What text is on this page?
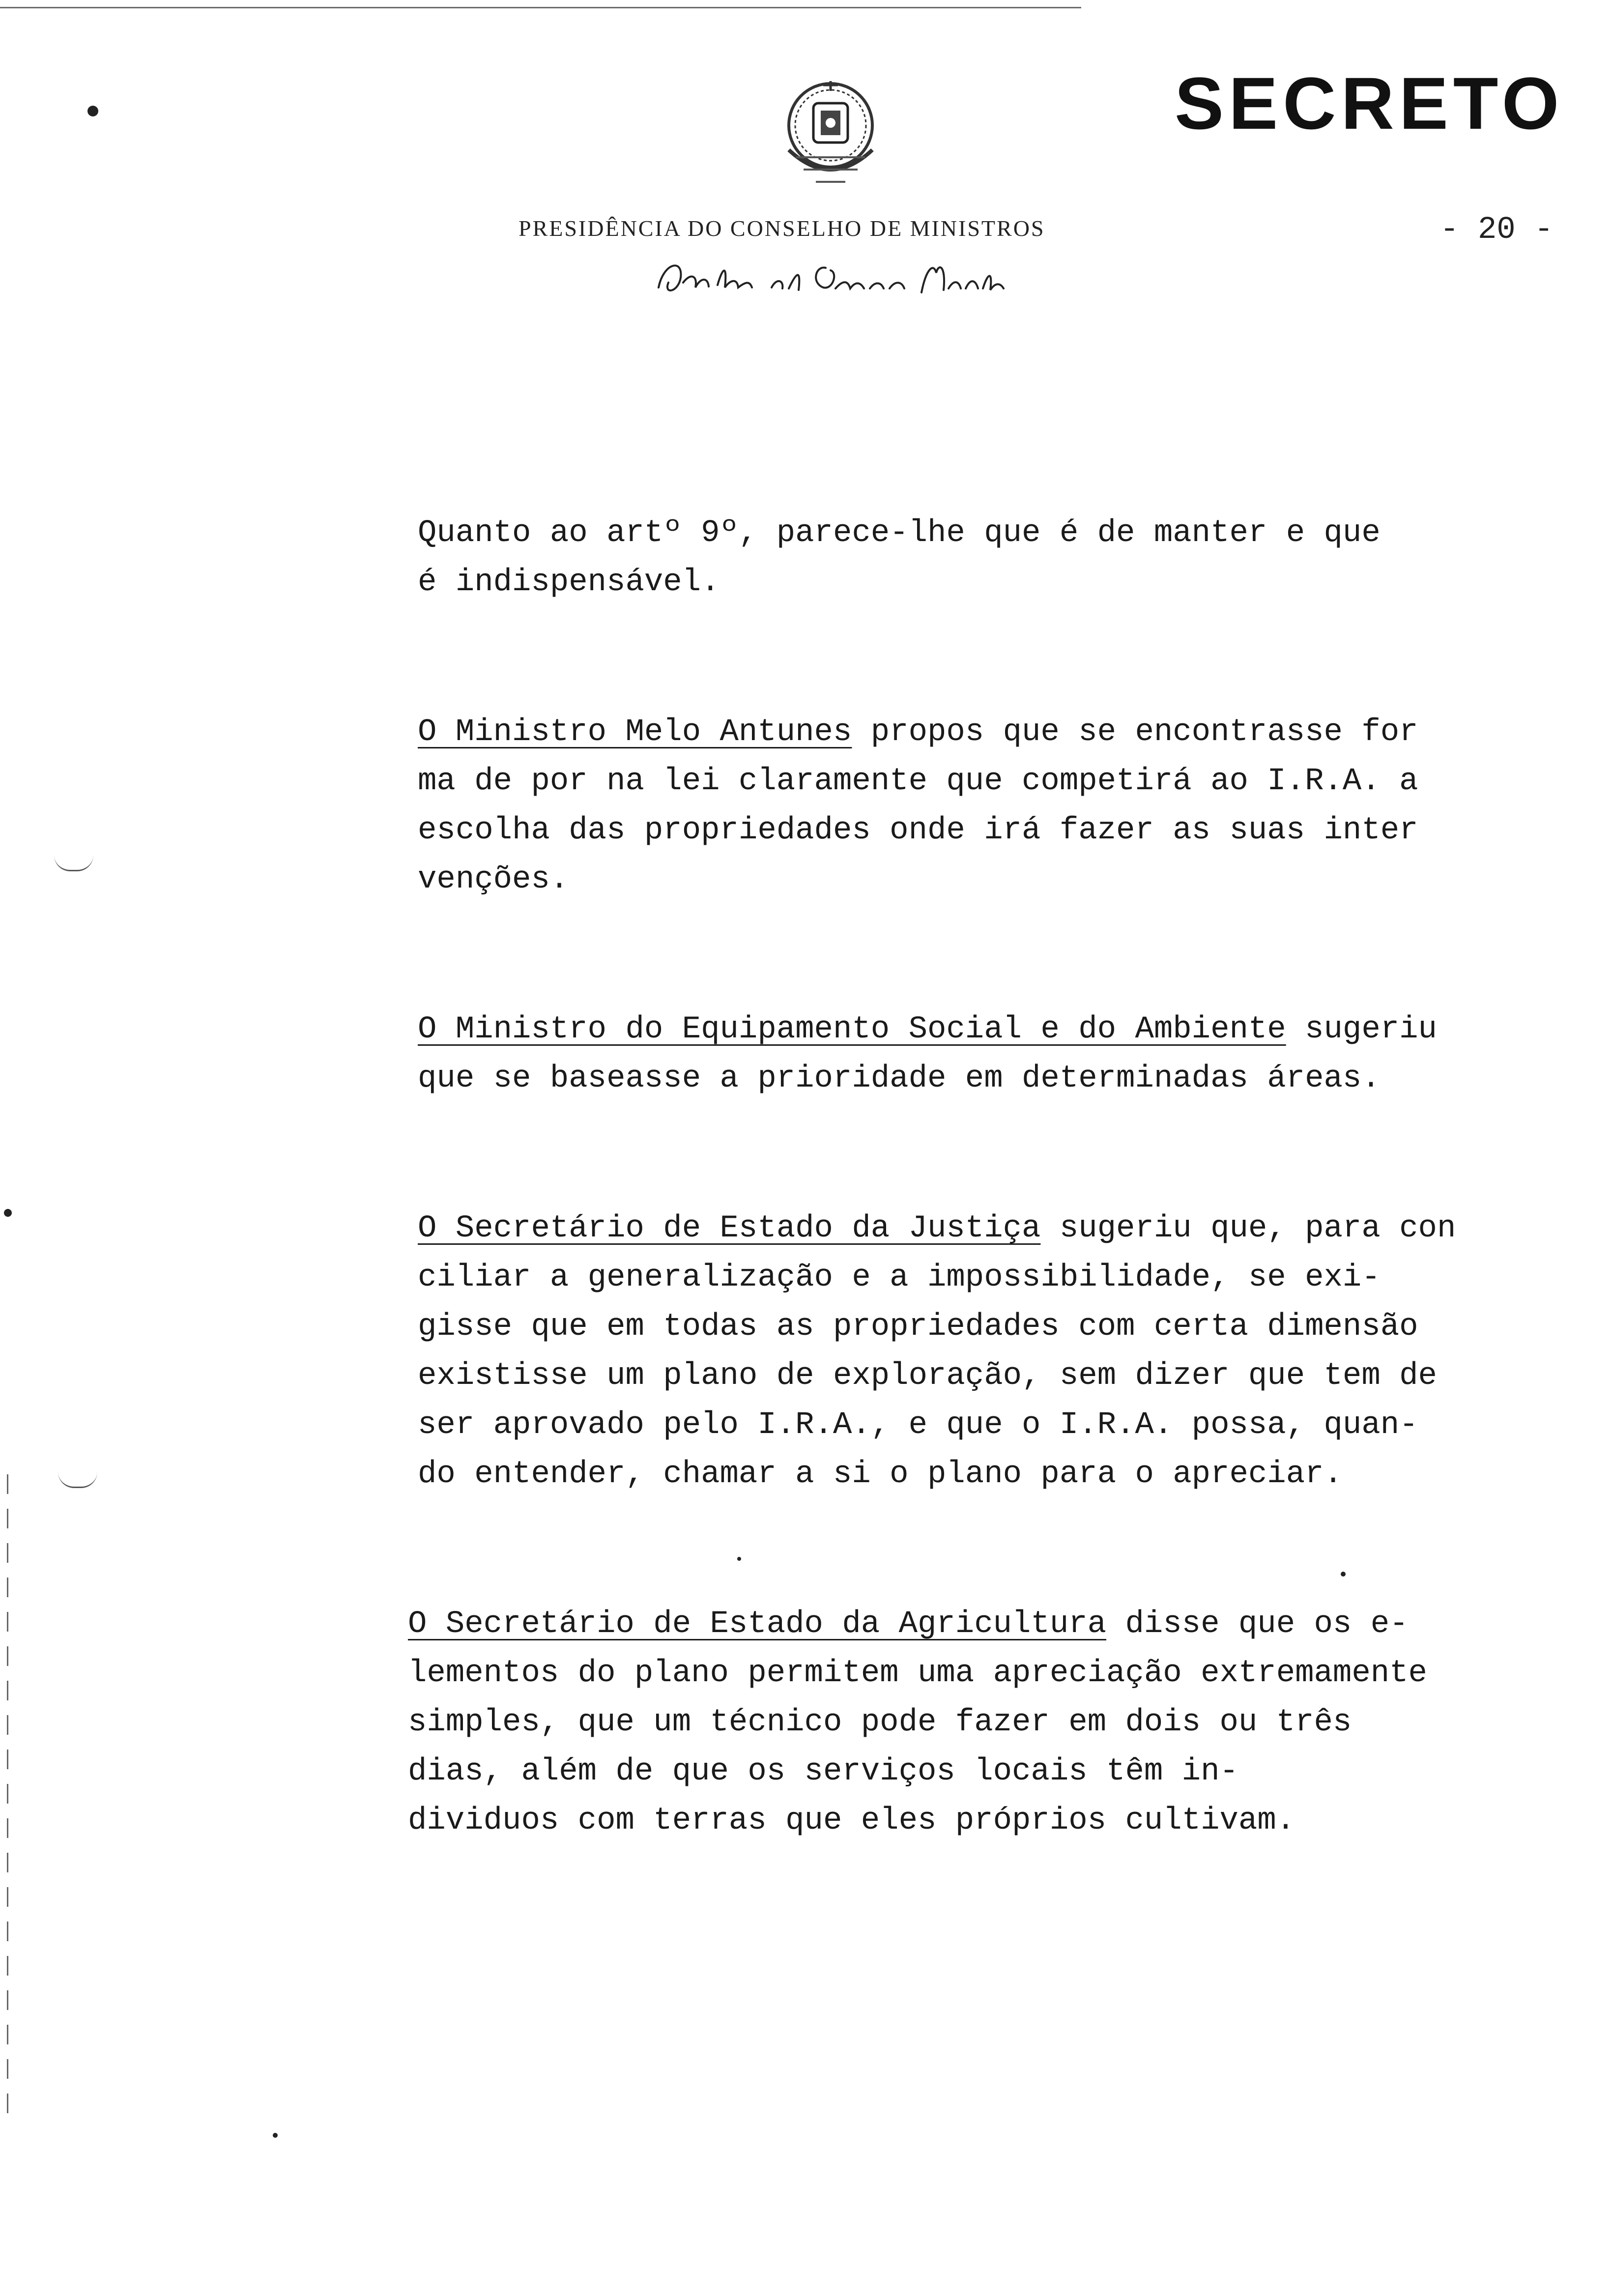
SECRETO
PRESIDÊNCIA DO CONSELHO DE MINISTROS	- 20 -
Quanto ao artº 9º, parece-lhe que é de manter e que
é indispensável.
O Ministro Melo Antunes propos que se encontrasse for
ma de por na lei claramente que competirá ao I.R.A. a
escolha das propriedades onde irá fazer as suas inter
venções.
O Ministro do Equipamento Social e do Ambiente sugeriu
que se baseasse a prioridade em determinadas áreas.
O Secretário de Estado da Justiça sugeriu que, para con
ciliar a generalização e a impossibilidade, se exi-
gisse que em todas as propriedades com certa dimensão
existisse um plano de exploração, sem dizer que tem de
ser aprovado pelo I.R.A., e que o I.R.A. possa, quan-
do entender, chamar a si o plano para o apreciar.
O Secretário de Estado da Agricultura disse que os e-
lementos do plano permitem uma apreciação extremamente
simples, que um técnico pode fazer em dois ou três
dias, além de que os serviços locais têm in-
dividuos com terras que eles próprios cultivam.
